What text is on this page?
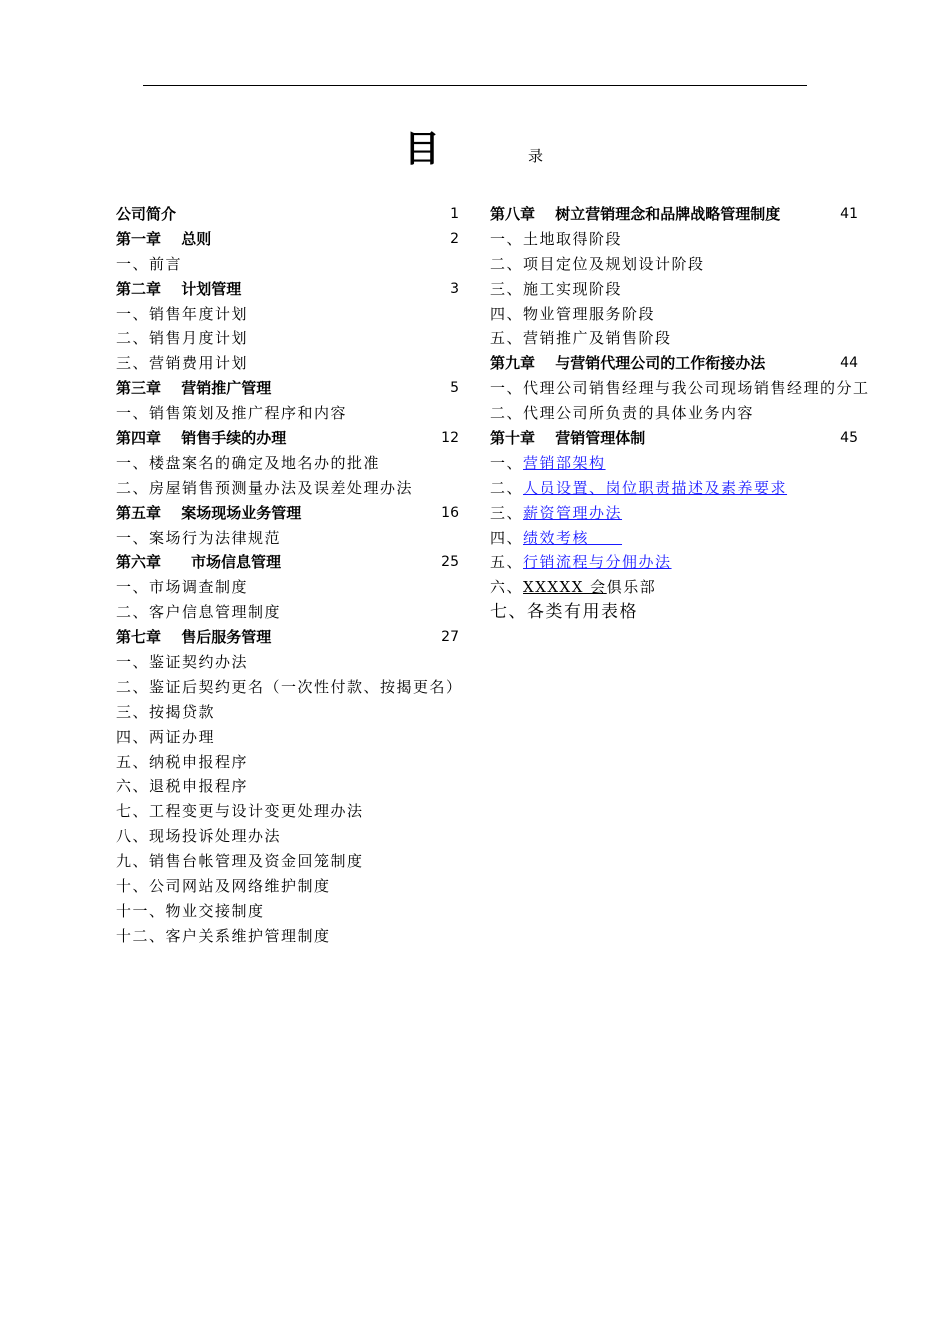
目	录
公司简介	1
第一章　 总则	2
一、前言
第二章　 计划管理	3
一、销售年度计划
二、销售月度计划
三、营销费用计划
第三章　 营销推广管理	5
一、销售策划及推广程序和内容
第四章　 销售手续的办理	12
一、楼盘案名的确定及地名办的批准
二、房屋销售预测量办法及误差处理办法
第五章　 案场现场业务管理	16
一、案场行为法律规范
第六章　　市场信息管理	25
一、市场调查制度
二、客户信息管理制度
第七章　 售后服务管理	27
一、鉴证契约办法
二、鉴证后契约更名（一次性付款、按揭更名）
三、按揭贷款
四、两证办理
五、纳税申报程序
六、退税申报程序
七、工程变更与设计变更处理办法
八、现场投诉处理办法
九、销售台帐管理及资金回笼制度
十、公司网站及网络维护制度
十一、物业交接制度
十二、客户关系维护管理制度
第八章　 树立营销理念和品牌战略管理制度	41
一、土地取得阶段
二、项目定位及规划设计阶段
三、施工实现阶段
四、物业管理服务阶段
五、营销推广及销售阶段
第九章　 与营销代理公司的工作衔接办法	44
一、代理公司销售经理与我公司现场销售经理的分工
二、代理公司所负责的具体业务内容
第十章　 营销管理体制	45
一、营销部架构
二、人员设置、岗位职责描述及素养要求
三、薪资管理办法
四、绩效考核　　
五、行销流程与分佣办法
六、XXXXX 会俱乐部
七、各类有用表格
